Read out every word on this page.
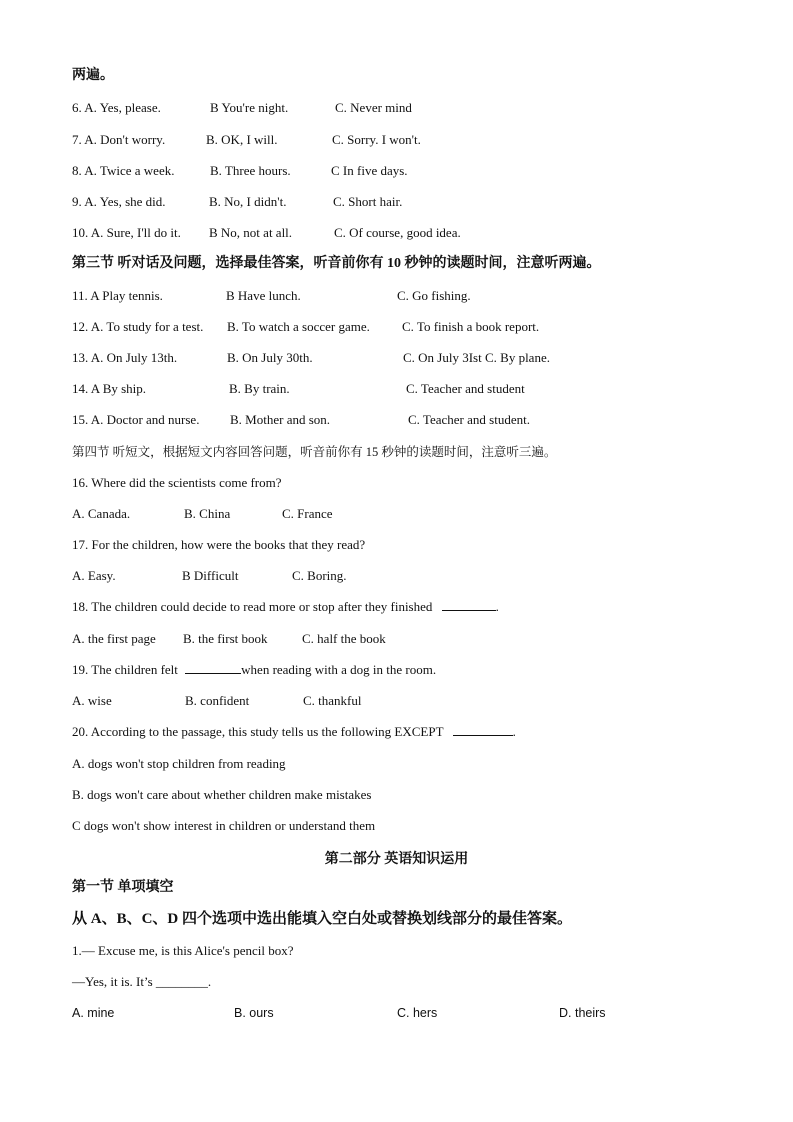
两遍。
6. A. Yes, please.	B You're night.	C. Never mind
7. A. Don't worry.	B. OK, I will.	C. Sorry. I won't.
8. A. Twice a week.	B. Three hours.	C In five days.
9. A. Yes, she did.	B. No, I didn't.	C. Short hair.
10. A. Sure, I'll do it. B No, not at all.	C. Of course, good idea.
第三节 听对话及问题，选择最佳答案，听音前你有 10 秒钟的读题时间，注意听两遍。
11. A Play tennis.	B Have lunch.	C. Go fishing.
12. A. To study for a test. B. To watch a soccer game. C. To finish a book report.
13. A. On July 13th.	B. On July 30th.	C. On July 3Ist C. By plane.
14. A By ship.	B. By train.	C. Teacher and student
15. A. Doctor and nurse. B. Mother and son.	C. Teacher and student.
第四节 听短文，根据短文内容回答问题，听音前你有 15 秒钟的读题时间，注意听三遍。
16. Where did the scientists come from?
A. Canada.	B. China	C. France
17. For the children, how were the books that they read?
A. Easy.	B Difficult	C. Boring.
18. The children could decide to read more or stop after they finished	.
A. the first page B. the first book	C. half the book
19. The children felt	when reading with a dog in the room.
A. wise	B. confident	C. thankful
20. According to the passage, this study tells us the following EXCEPT	.
A. dogs won't stop children from reading
B. dogs won't care about whether children make mistakes
C dogs won't show interest in children or understand them
第二部分 英语知识运用
第一节 单项填空
从 A、B、C、D 四个选项中选出能填入空白处或替换划线部分的最佳答案。
1.— Excuse me, is this Alice's pencil box?
—Yes, it is. It’s ________.
A. mine	B. ours	C. hers	D. theirs
